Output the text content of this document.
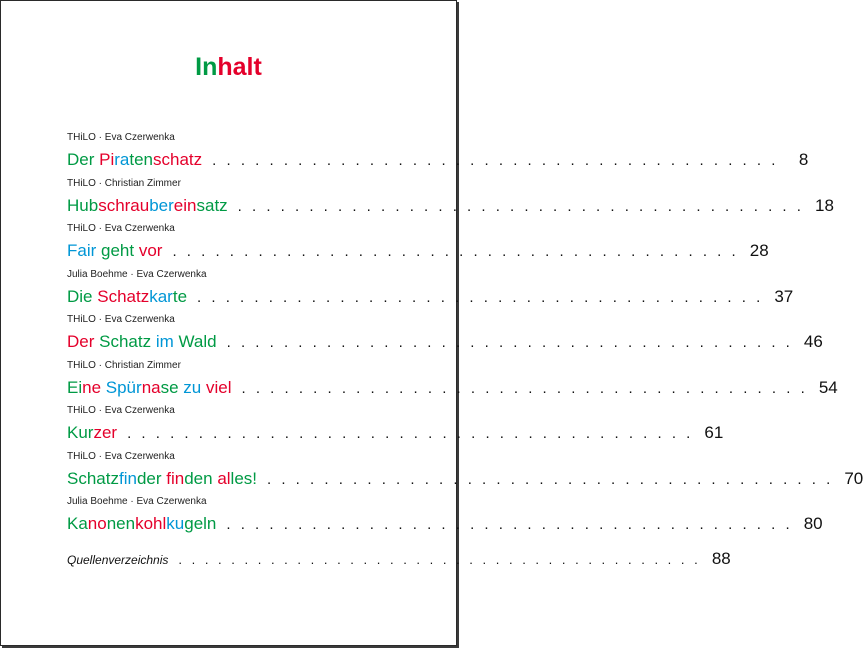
Inhalt
THiLO · Eva Czerwenka
Der Piratenschatz . . . . . . . . . . . . . . . . . . . . . . . . . . . . . . . . . . . . . . . .	8
THiLO · Christian Zimmer
Hubschraubereinsatz . . . . . . . . . . . . . . . . . . . . . . . . . . . . . . . . . . . . . . . . 18
THiLO · Eva Czerwenka
Fair geht vor . . . . . . . . . . . . . . . . . . . . . . . . . . . . . . . . . . . . . . . . 28
Julia Boehme · Eva Czerwenka
Die Schatzkarte . . . . . . . . . . . . . . . . . . . . . . . . . . . . . . . . . . . . . . . . 37
THiLO · Eva Czerwenka
Der Schatz im Wald . . . . . . . . . . . . . . . . . . . . . . . . . . . . . . . . . . . . . . . . 46
THiLO · Christian Zimmer
Eine Spürnase zu viel . . . . . . . . . . . . . . . . . . . . . . . . . . . . . . . . . . . . . . . . 54
THiLO · Eva Czerwenka
Kurzer . . . . . . . . . . . . . . . . . . . . . . . . . . . . . . . . . . . . . . . . 61
THiLO · Eva Czerwenka
Schatzfinder finden alles! . . . . . . . . . . . . . . . . . . . . . . . . . . . . . . . . . . . . . . . . 70
Julia Boehme · Eva Czerwenka
Kanonenkohlkugeln . . . . . . . . . . . . . . . . . . . . . . . . . . . . . . . . . . . . . . . . 80
Quellenverzeichnis . . . . . . . . . . . . . . . . . . . . . . . . . . . . . . . . . . . . . . . . 88
